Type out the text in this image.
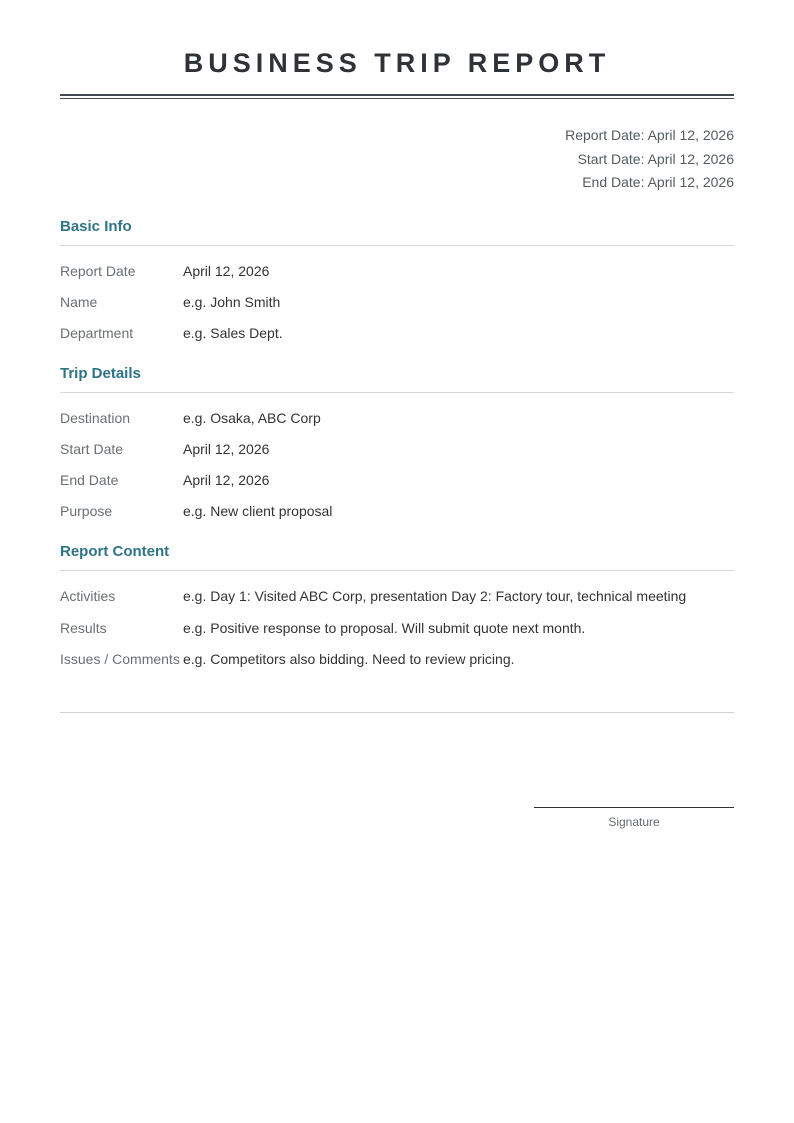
BUSINESS TRIP REPORT
Report Date: April 12, 2026
Start Date: April 12, 2026
End Date: April 12, 2026
Basic Info
Report Date	April 12, 2026
Name	e.g. John Smith
Department	e.g. Sales Dept.
Trip Details
Destination	e.g. Osaka, ABC Corp
Start Date	April 12, 2026
End Date	April 12, 2026
Purpose	e.g. New client proposal
Report Content
Activities	e.g. Day 1: Visited ABC Corp, presentation Day 2: Factory tour, technical meeting
Results	e.g. Positive response to proposal. Will submit quote next month.
Issues / Comments e.g. Competitors also bidding. Need to review pricing.
Signature
